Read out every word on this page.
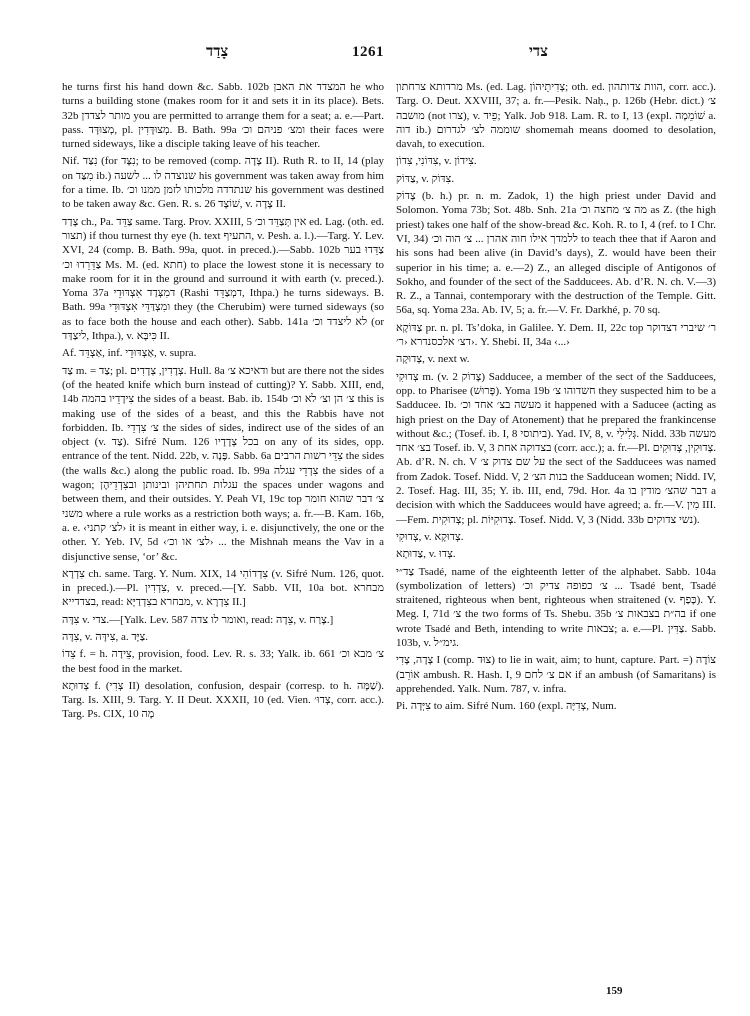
צָדַד	1261	צדי

he turns first his hand down &c. Sabb. 102b המצדד את האבן he who turns a building stone (makes room for it and sets it in its place). Bets. 32b מותר לצדדן you are permitted to arrange them for a seat; a. e.—Part. pass. מְצוּדָּד, pl. מְצוּדָּדִין. B. Bath. 99a ומצ׳ פניהם וכ׳ their faces were turned sideways, like a disciple taking leave of his teacher.

Nif. נִצַּד (for נִצָּד; to be removed (comp. צָדָה II). Ruth R. to II, 14 (play on מִצַּד ib.) שנוצדה לו ... לשעה his government was taken away from him for a time. Ib. שנתדדה מלכותו לזמן ממנו וכ׳ his government was destined to be taken away &c. Gen. R. s. 26 שׁוֹצָד, v. צָדָה II.

צָדַד ch., Pa. צַדֵּד same. Targ. Prov. XXIII, 5 אין תְּצַדֵּד וכ׳ ed. Lag. (oth. ed. תצור) if thou turnest thy eye (h. text התעיף, v. Pesh. a. l.).—Targ. Y. Lev. XVI, 24 (comp. B. Bath. 99a, quot. in preced.).—Sabb. 102b צַדֵּדוּ בער צַדֵּרֵדוּ וכ׳ Ms. M. (ed. חתא) to place the lowest stone it is necessary to make room for it in the ground and surround it with earth (v. preced.). Yoma 37a דמִצְּדַד אִצְדּוּדֵי (Rashi דמְצַדֵּד, Ithpa.) he turns sideways. B. Bath. 99a ומִצְדַּדֵּי אִצְדּוּדֵי they (the Cherubim) were turned sideways (so as to face both the house and each other). Sabb. 141a לא ליצדד וכ׳ (or ליצַדַּד, Ithpa.), v. כִּיבָּא II.

Af. אַצְדֵּד, inf. אַצְדּוּדֵי, v. supra.

צַד m. = צַד; pl. צְדָדִין, צְדָדִים. Hull. 8a ודאיכא צ׳ but are there not the sides (of the heated knife which burn instead of cutting)? Y. Sabb. XIII, end, 14b צִידָדֵיו בהמה the sides of a beast. Bab. ib. 154b צ׳ הן וצ׳ לא וכ׳ this is making use of the sides of a beast, and this the Rabbis have not forbidden. Ib. צ׳ צִדְדֵי the sides of sides, indirect use of the sides of an object (v. צַד). Sifré Num. 126 בכל צְדָדָיו on any of its sides, opp. entrance of the tent. Nidd. 22b, v. פֶּנָה. Sabb. 6a צִדֵּי רשות הרבים the sides (the walls &c.) along the public road. Ib. 99a צִדְדֵי עגלה the sides of a wagon; עגלות תחתיהן ובינותן ובצִדְדֵיהֶן the spaces under wagons and between them, and their outsides. Y. Peah VI, 19c top צ׳ דבר שהוא חומר משני where a rule works as a restriction both ways; a. fr.—B. Kam. 16b, a. e. ‹לצ׳ קתני› it is meant in either way, i. e. disjunctively, the one or the other. Y. Yeb. IV, 5d ‹לצ׳ או וכ׳› ... the Mishnah means the Vav in a disjunctive sense, ‘or’ &c.

צִדְדָא ch. same. Targ. Y. Num. XIX, 14 צִדְדוֹהִי (v. Sifré Num. 126, quot. in preced.).—Pl. צִדְדִין, v. preced.—[Y. Sabb. VII, 10a bot. מבחרא בצדדייא, read: מבחרא בצִדְדַיָּא, v. צִדְרָא II.]

צִדָּה v. צדי.—[Yalk. Lev. 587 ואומר לו צדה, read: צֵדָה, v. צָרַח.]

צִדָּה, v. צִידָּה, a. צַיָּד.

צֵדוֹ f. = h. צֵידָה, provision, food. Lev. R. s. 33; Yalk. ib. 661 צ׳ מבא וכ׳ the best food in the market.

צְדוּתָא f. (צְדִי II) desolation, confusion, despair (corresp. to h. שַׁמָּה). Targ. Is. XIII, 9. Targ. Y. II Deut. XXXII, 10 (ed. Vien. צְדוּ׳, corr. acc.). Targ. Ps. CIX, 10 מָה

מרדותא צרחתון Ms. (ed. Lag. צְדִיתֵיהוֹן; oth. ed. הוות צדותהון, corr. acc.). Targ. O. Deut. XXVIII, 37; a. fr.—Pesik. Naḥ., p. 126b (Hebr. dict.) צ׳ מושבה (not צרו), v. פֵיד; Yalk. Job 918. Lam. R. to I, 13 (expl. שׁוֹמֵמָה a. דוה ib.) שוממה לצ׳ לגדרום shomemah means doomed to desolation, davah, to execution.

צִדּוֹנִי, צִדוֹן, v. צִידוֹן.

צַדּוֹק, v. צִדּוֹק.

צָדוֹק (b. h.) pr. n. m. Zadok, 1) the high priest under David and Solomon. Yoma 73b; Sot. 48b. Snh. 21a מה צ׳ מחצה וכ׳ as Z. (the high priest) takes one half of the show-bread &c. Koh. R. to I, 4 (ref. to I Chr. VI, 34) ללמדך אילו חוה אהרן ... צ׳ הוה וכ׳ to teach thee that if Aaron and his sons had been alive (in David’s days), Z. would have been their superior in his time; a. e.—2) Z., an alleged disciple of Antigonos of Sokho, and founder of the sect of the Sadducees. Ab. d’R. N. ch. V.—3) R. Z., a Tannai, contemporary with the destruction of the Temple. Gitt. 56a, sq. Yoma 23a. Ab. IV, 5; a. fr.—V. Fr. Darkhé, p. 70 sq.

צַדּוֹקָא pr. n. pl. Ts’doka, in Galilee. Y. Dem. II, 22c top ר׳ שיברי דצדוקר דצ׳ אלכסנדרא ‹ר׳›. Y. Shebi. II, 34a ‹...›

צְדוּקָה, v. next w.

צְדוּקִי m. (v. צָדוֹק 2) Sadducee, a member of the sect of the Sadducees, opp. to Pharisee (פָּרוּשׁ). Yoma 19b חשדוהו צ׳ they suspected him to be a Sadducee. Ib. מעשה בצ׳ אחד וכ׳ it happened with a Saducee (acting as high priest on the Day of Atonement) that he prepared the frankincense without &c.; (Tosef. ib. I, 8 ביתוסי). Yad. IV, 8, v. גְּלִילִי. Nidd. 33b מעשה בצ׳ אחד Tosef. ib. V, 3 בצדוקה אחת (corr. acc.); a. fr.—Pl. צְדוּקִין, צְדוּקִים. Ab. d’R. N. ch. V על שם צדוק צ׳ the sect of the Sadducees was named from Zadok. Tosef. Nidd. V, 2 בנות הצ׳ the Sadducean women; Nidd. IV, 2. Tosef. Hag. III, 35; Y. ib. III, end, 79d. Hor. 4a דבר שהצ׳ מודין בו a decision with which the Sadducees would have agreed; a. fr.—V. מִין III.—Fem. צְדוּקִית; pl. צְדוּקִיּוֹת. Tosef. Nidd. V, 3 (Nidd. 33b נשי צדוקים).

צְדוּקִי, v. צְדוּקָא.

צַדוּתָא, v. צְדוּ.

צַד״י Tsadé, name of the eighteenth letter of the alphabet. Sabb. 104a (symbolization of letters) צ׳ כפופה צדיק וכ׳ ... Tsadé bent, Tsadé straitened, righteous when bent, righteous when straitened (v. כָּפַף). Y. Meg. I, 71d צ׳ the two forms of Ts. Shebu. 35b בה״ת בצבאות צ׳ if one wrote Tsadé and Beth, intending to write צבאות; a. e.—Pl. צַדִּין. Sabb. 103b, v. גימ״ל.

צָדָה, צָדִי I (comp. צוּד) to lie in wait, aim; to hunt, capture. Part. צוֹדֶה (= אוֹרֵב) ambush. R. Hash. I, 9 אם צ׳ לחם if an ambush (of Samaritans) is apprehended. Yalk. Num. 787, v. infra.

Pi. צִיְּדָה to aim. Sifré Num. 160 (expl. צְדִיָּה, Num.

159
